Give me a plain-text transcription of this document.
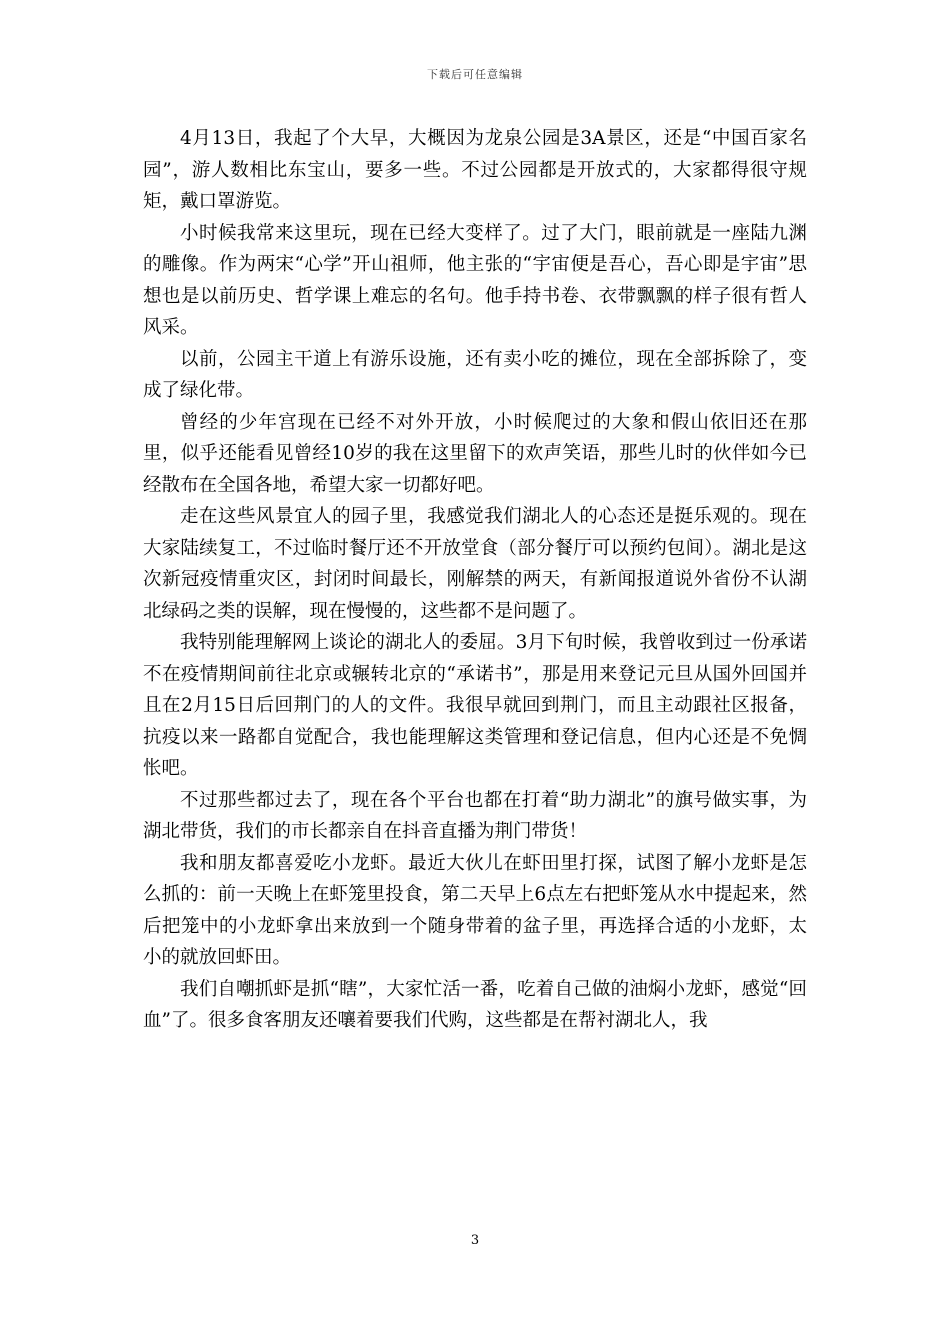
下载后可任意编辑

4月13日，我起了个大早，大概因为龙泉公园是3A景区，还是“中国百家名园”，游人数相比东宝山，要多一些。不过公园都是开放式的，大家都得很守规矩，戴口罩游览。

小时候我常来这里玩，现在已经大变样了。过了大门，眼前就是一座陆九渊的雕像。作为两宋“心学”开山祖师，他主张的“宇宙便是吾心，吾心即是宇宙”思想也是以前历史、哲学课上难忘的名句。他手持书卷、衣带飘飘的样子很有哲人风采。

以前，公园主干道上有游乐设施，还有卖小吃的摊位，现在全部拆除了，变成了绿化带。

曾经的少年宫现在已经不对外开放，小时候爬过的大象和假山依旧还在那里，似乎还能看见曾经10岁的我在这里留下的欢声笑语，那些儿时的伙伴如今已经散布在全国各地，希望大家一切都好吧。

走在这些风景宜人的园子里，我感觉我们湖北人的心态还是挺乐观的。现在大家陆续复工，不过临时餐厅还不开放堂食（部分餐厅可以预约包间）。湖北是这次新冠疫情重灾区，封闭时间最长，刚解禁的两天，有新闻报道说外省份不认湖北绿码之类的误解，现在慢慢的，这些都不是问题了。

我特别能理解网上谈论的湖北人的委屈。3月下旬时候，我曾收到过一份承诺不在疫情期间前往北京或辗转北京的“承诺书”，那是用来登记元旦从国外回国并且在2月15日后回荆门的人的文件。我很早就回到荆门，而且主动跟社区报备，抗疫以来一路都自觉配合，我也能理解这类管理和登记信息，但内心还是不免惆怅吧。

不过那些都过去了，现在各个平台也都在打着“助力湖北”的旗号做实事，为湖北带货，我们的市长都亲自在抖音直播为荆门带货！

我和朋友都喜爱吃小龙虾。最近大伙儿在虾田里打探，试图了解小龙虾是怎么抓的：前一天晚上在虾笼里投食，第二天早上6点左右把虾笼从水中提起来，然后把笼中的小龙虾拿出来放到一个随身带着的盆子里，再选择合适的小龙虾，太小的就放回虾田。

我们自嘲抓虾是抓“瞎”，大家忙活一番，吃着自己做的油焖小龙虾，感觉“回血”了。很多食客朋友还嚷着要我们代购，这些都是在帮衬湖北人，我

3
